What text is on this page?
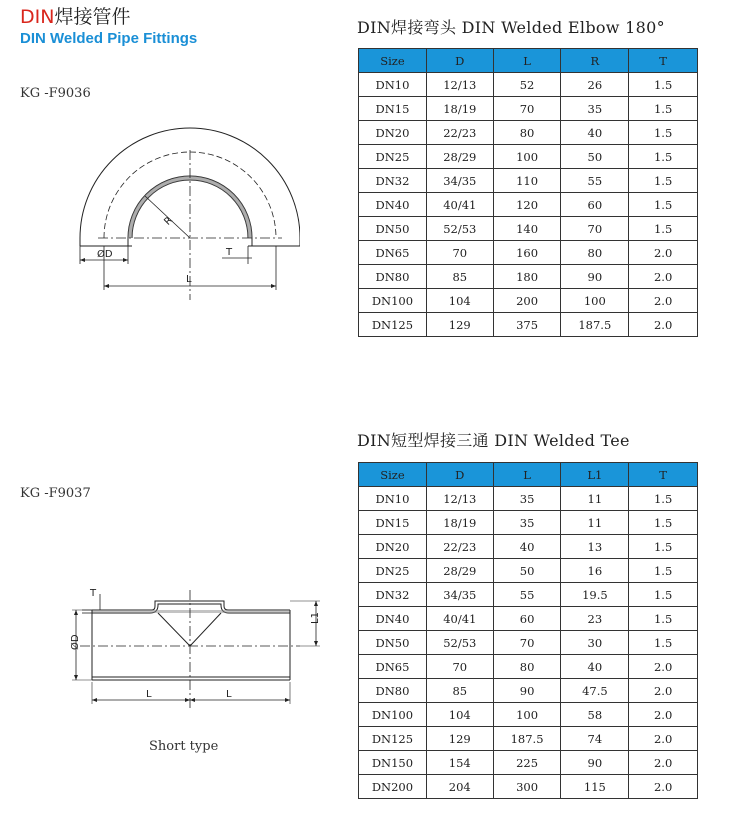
DIN焊接管件
DIN Welded Pipe Fittings
KG -F9036
R
ØD	T
L
DIN焊接弯头 DIN Welded Elbow 180°
Size	D	L	R	T
DN10	12/13	52	26	1.5
DN15	18/19	70	35	1.5
DN20	22/23	80	40	1.5
DN25	28/29	100	50	1.5
DN32	34/35	110	55	1.5
DN40	40/41	120	60	1.5
DN50	52/53	140	70	1.5
DN65	70	160	80	2.0
DN80	85	180	90	2.0
DN100	104	200	100	2.0
DN125	129	375	187.5	2.0
KG -F9037
T
ØD
L1
L	L
Short type
DIN短型焊接三通 DIN Welded Tee
Size	D	L	L1	T
DN10	12/13	35	11	1.5
DN15	18/19	35	11	1.5
DN20	22/23	40	13	1.5
DN25	28/29	50	16	1.5
DN32	34/35	55	19.5	1.5
DN40	40/41	60	23	1.5
DN50	52/53	70	30	1.5
DN65	70	80	40	2.0
DN80	85	90	47.5	2.0
DN100	104	100	58	2.0
DN125	129	187.5	74	2.0
DN150	154	225	90	2.0
DN200	204	300	115	2.0
